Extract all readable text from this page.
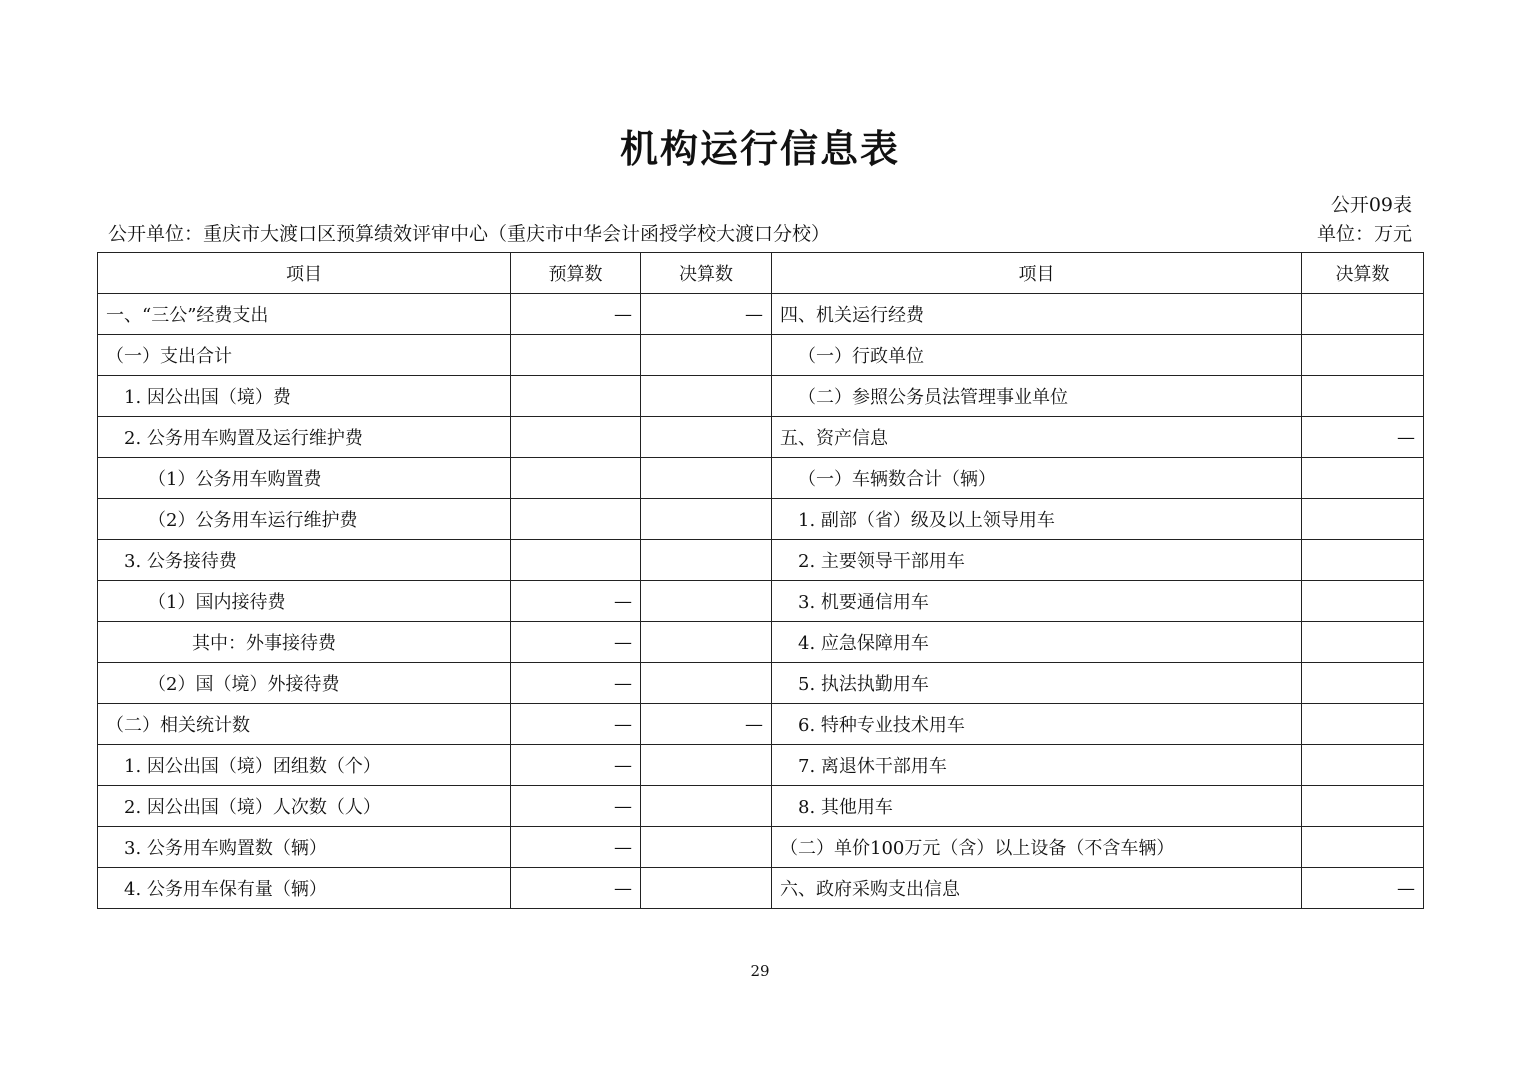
机构运行信息表
公开09表
公开单位：重庆市大渡口区预算绩效评审中心（重庆市中华会计函授学校大渡口分校）	单位：万元
项目	预算数	决算数	项目	决算数
一、“三公”经费支出	—	—	四、机关运行经费	
（一）支出合计			（一）行政单位	
1. 因公出国（境）费			（二）参照公务员法管理事业单位	
2. 公务用车购置及运行维护费			五、资产信息	—
（1）公务用车购置费			（一）车辆数合计（辆）	
（2）公务用车运行维护费			1. 副部（省）级及以上领导用车	
3. 公务接待费			2. 主要领导干部用车	
（1）国内接待费	—		3. 机要通信用车	
其中：外事接待费	—		4. 应急保障用车	
（2）国（境）外接待费	—		5. 执法执勤用车	
（二）相关统计数	—	—	6. 特种专业技术用车	
1. 因公出国（境）团组数（个）	—		7. 离退休干部用车	
2. 因公出国（境）人次数（人）	—		8. 其他用车	
3. 公务用车购置数（辆）	—		（二）单价100万元（含）以上设备（不含车辆）	
4. 公务用车保有量（辆）	—		六、政府采购支出信息	—
29
